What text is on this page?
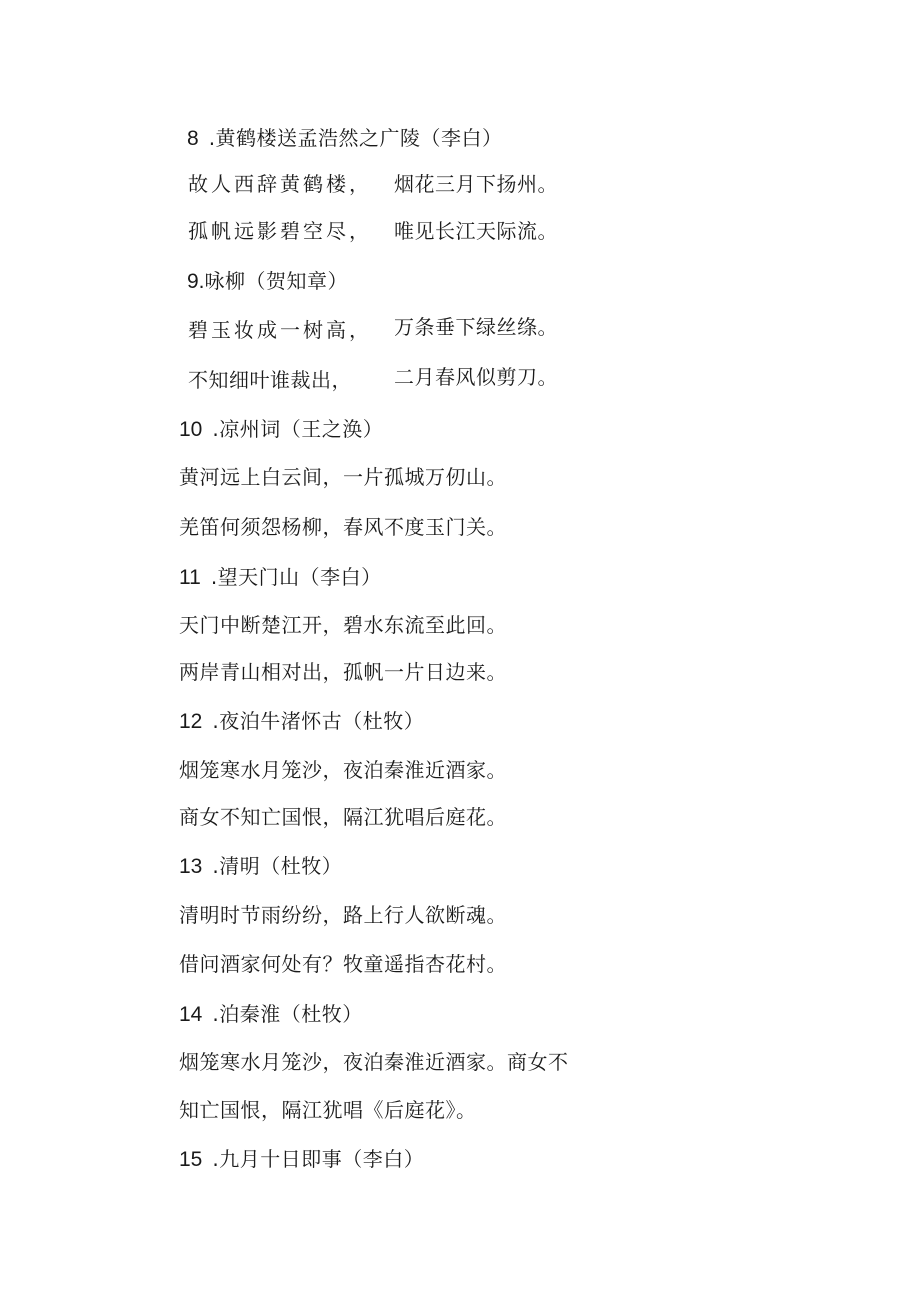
8 .黄鹤楼送孟浩然之广陵（李白）
故人西辞黄鹤楼， 烟花三月下扬州。
孤帆远影碧空尽， 唯见长江天际流。
9.咏柳（贺知章）
碧玉妆成一树高， 万条垂下绿丝绦。
不知细叶谁裁出， 二月春风似剪刀。
10 .凉州词（王之涣）
黄河远上白云间，一片孤城万仞山。
羌笛何须怨杨柳，春风不度玉门关。
11 .望天门山（李白）
天门中断楚江开，碧水东流至此回。
两岸青山相对出，孤帆一片日边来。
12 .夜泊牛渚怀古（杜牧）
烟笼寒水月笼沙，夜泊秦淮近酒家。
商女不知亡国恨，隔江犹唱后庭花。
13 .清明（杜牧）
清明时节雨纷纷，路上行人欲断魂。
借问酒家何处有？牧童遥指杏花村。
14 .泊秦淮（杜牧）
烟笼寒水月笼沙，夜泊秦淮近酒家。商女不
知亡国恨，隔江犹唱《后庭花》。
15 .九月十日即事（李白）
